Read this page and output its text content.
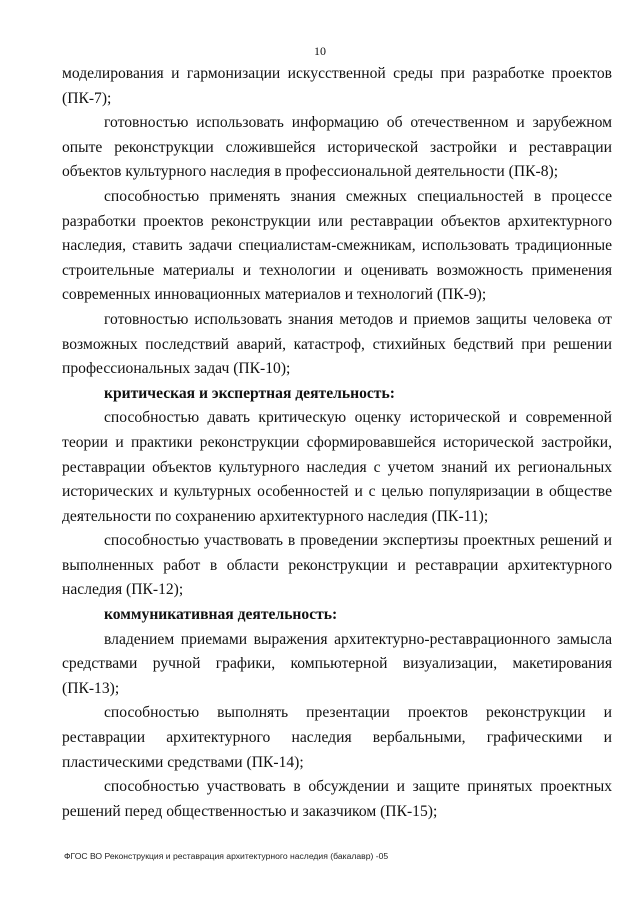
10

моделирования и гармонизации искусственной среды при разработке проектов (ПК-7);

готовностью использовать информацию об отечественном и зарубежном опыте реконструкции сложившейся исторической застройки и реставрации объектов культурного наследия в профессиональной деятельности (ПК-8);

способностью применять знания смежных специальностей в процессе разработки проектов реконструкции или реставрации объектов архитектурного наследия, ставить задачи специалистам-смежникам, использовать традиционные строительные материалы и технологии и оценивать возможность применения современных инновационных материалов и технологий (ПК-9);

готовностью использовать знания методов и приемов защиты человека от возможных последствий аварий, катастроф, стихийных бедствий при решении профессиональных задач (ПК-10);

критическая и экспертная деятельность:

способностью давать критическую оценку исторической и современной теории и практики реконструкции сформировавшейся исторической застройки, реставрации объектов культурного наследия с учетом знаний их региональных исторических и культурных особенностей и с целью популяризации в обществе деятельности по сохранению архитектурного наследия (ПК-11);

способностью участвовать в проведении экспертизы проектных решений и выполненных работ в области реконструкции и реставрации архитектурного наследия (ПК-12);

коммуникативная деятельность:

владением приемами выражения архитектурно-реставрационного замысла средствами ручной графики, компьютерной визуализации, макетирования (ПК-13);

способностью выполнять презентации проектов реконструкции и реставрации архитектурного наследия вербальными, графическими и пластическими средствами (ПК-14);

способностью участвовать в обсуждении и защите принятых проектных решений перед общественностью и заказчиком (ПК-15);

ФГОС ВО Реконструкция и реставрация архитектурного наследия (бакалавр) -05
